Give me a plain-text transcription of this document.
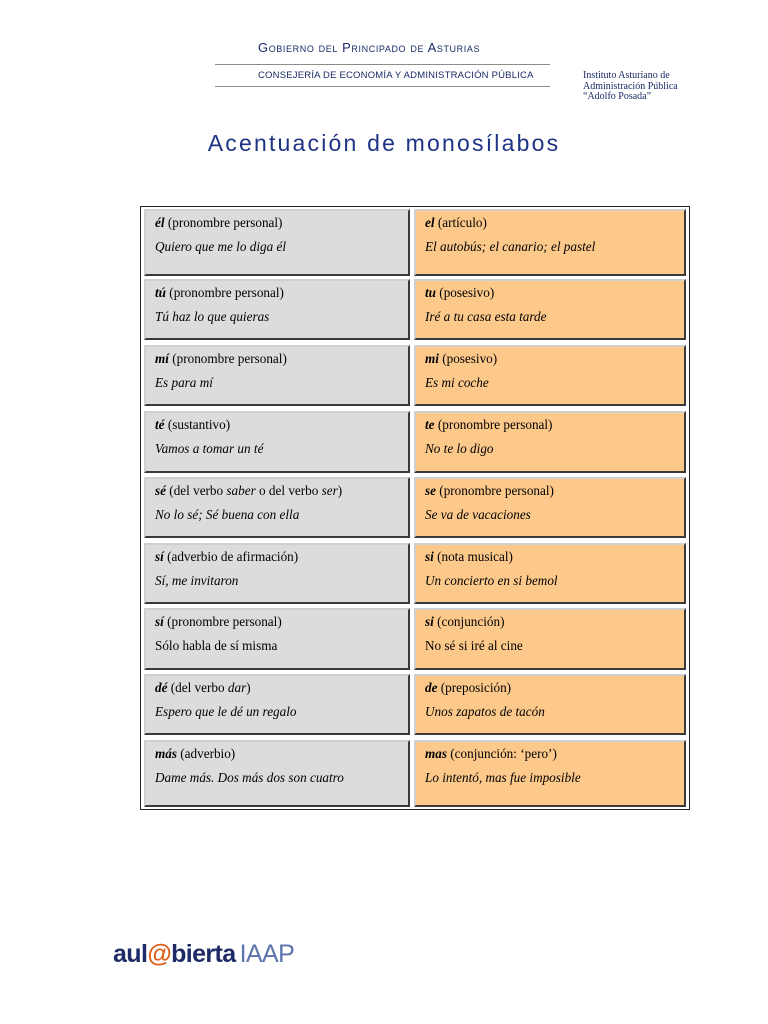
Gobierno del Principado de Asturias
CONSEJERÍA DE ECONOMÍA Y ADMINISTRACIÓN PÚBLICA	Instituto Asturiano de
Administración Pública
“Adolfo Posada”
Acentuación de monosílabos
él (pronombre personal)
Quiero que me lo diga él
el (artículo)
El autobús; el canario; el pastel
tú (pronombre personal)
Tú haz lo que quieras
tu (posesivo)
Iré a tu casa esta tarde
mí (pronombre personal)
Es para mí
mi (posesivo)
Es mi coche
té (sustantivo)
Vamos a tomar un té
te (pronombre personal)
No te lo digo
sé (del verbo saber o del verbo ser)
No lo sé; Sé buena con ella
se (pronombre personal)
Se va de vacaciones
sí (adverbio de afirmación)
Sí, me invitaron
si (nota musical)
Un concierto en si bemol
sí (pronombre personal)
Sólo habla de sí misma
si (conjunción)
No sé si iré al cine
dé (del verbo dar)
Espero que le dé un regalo
de (preposición)
Unos zapatos de tacón
más (adverbio)
Dame más. Dos más dos son cuatro
mas (conjunción: ‘pero’)
Lo intentó, mas fue imposible
aul@bierta IAAP
